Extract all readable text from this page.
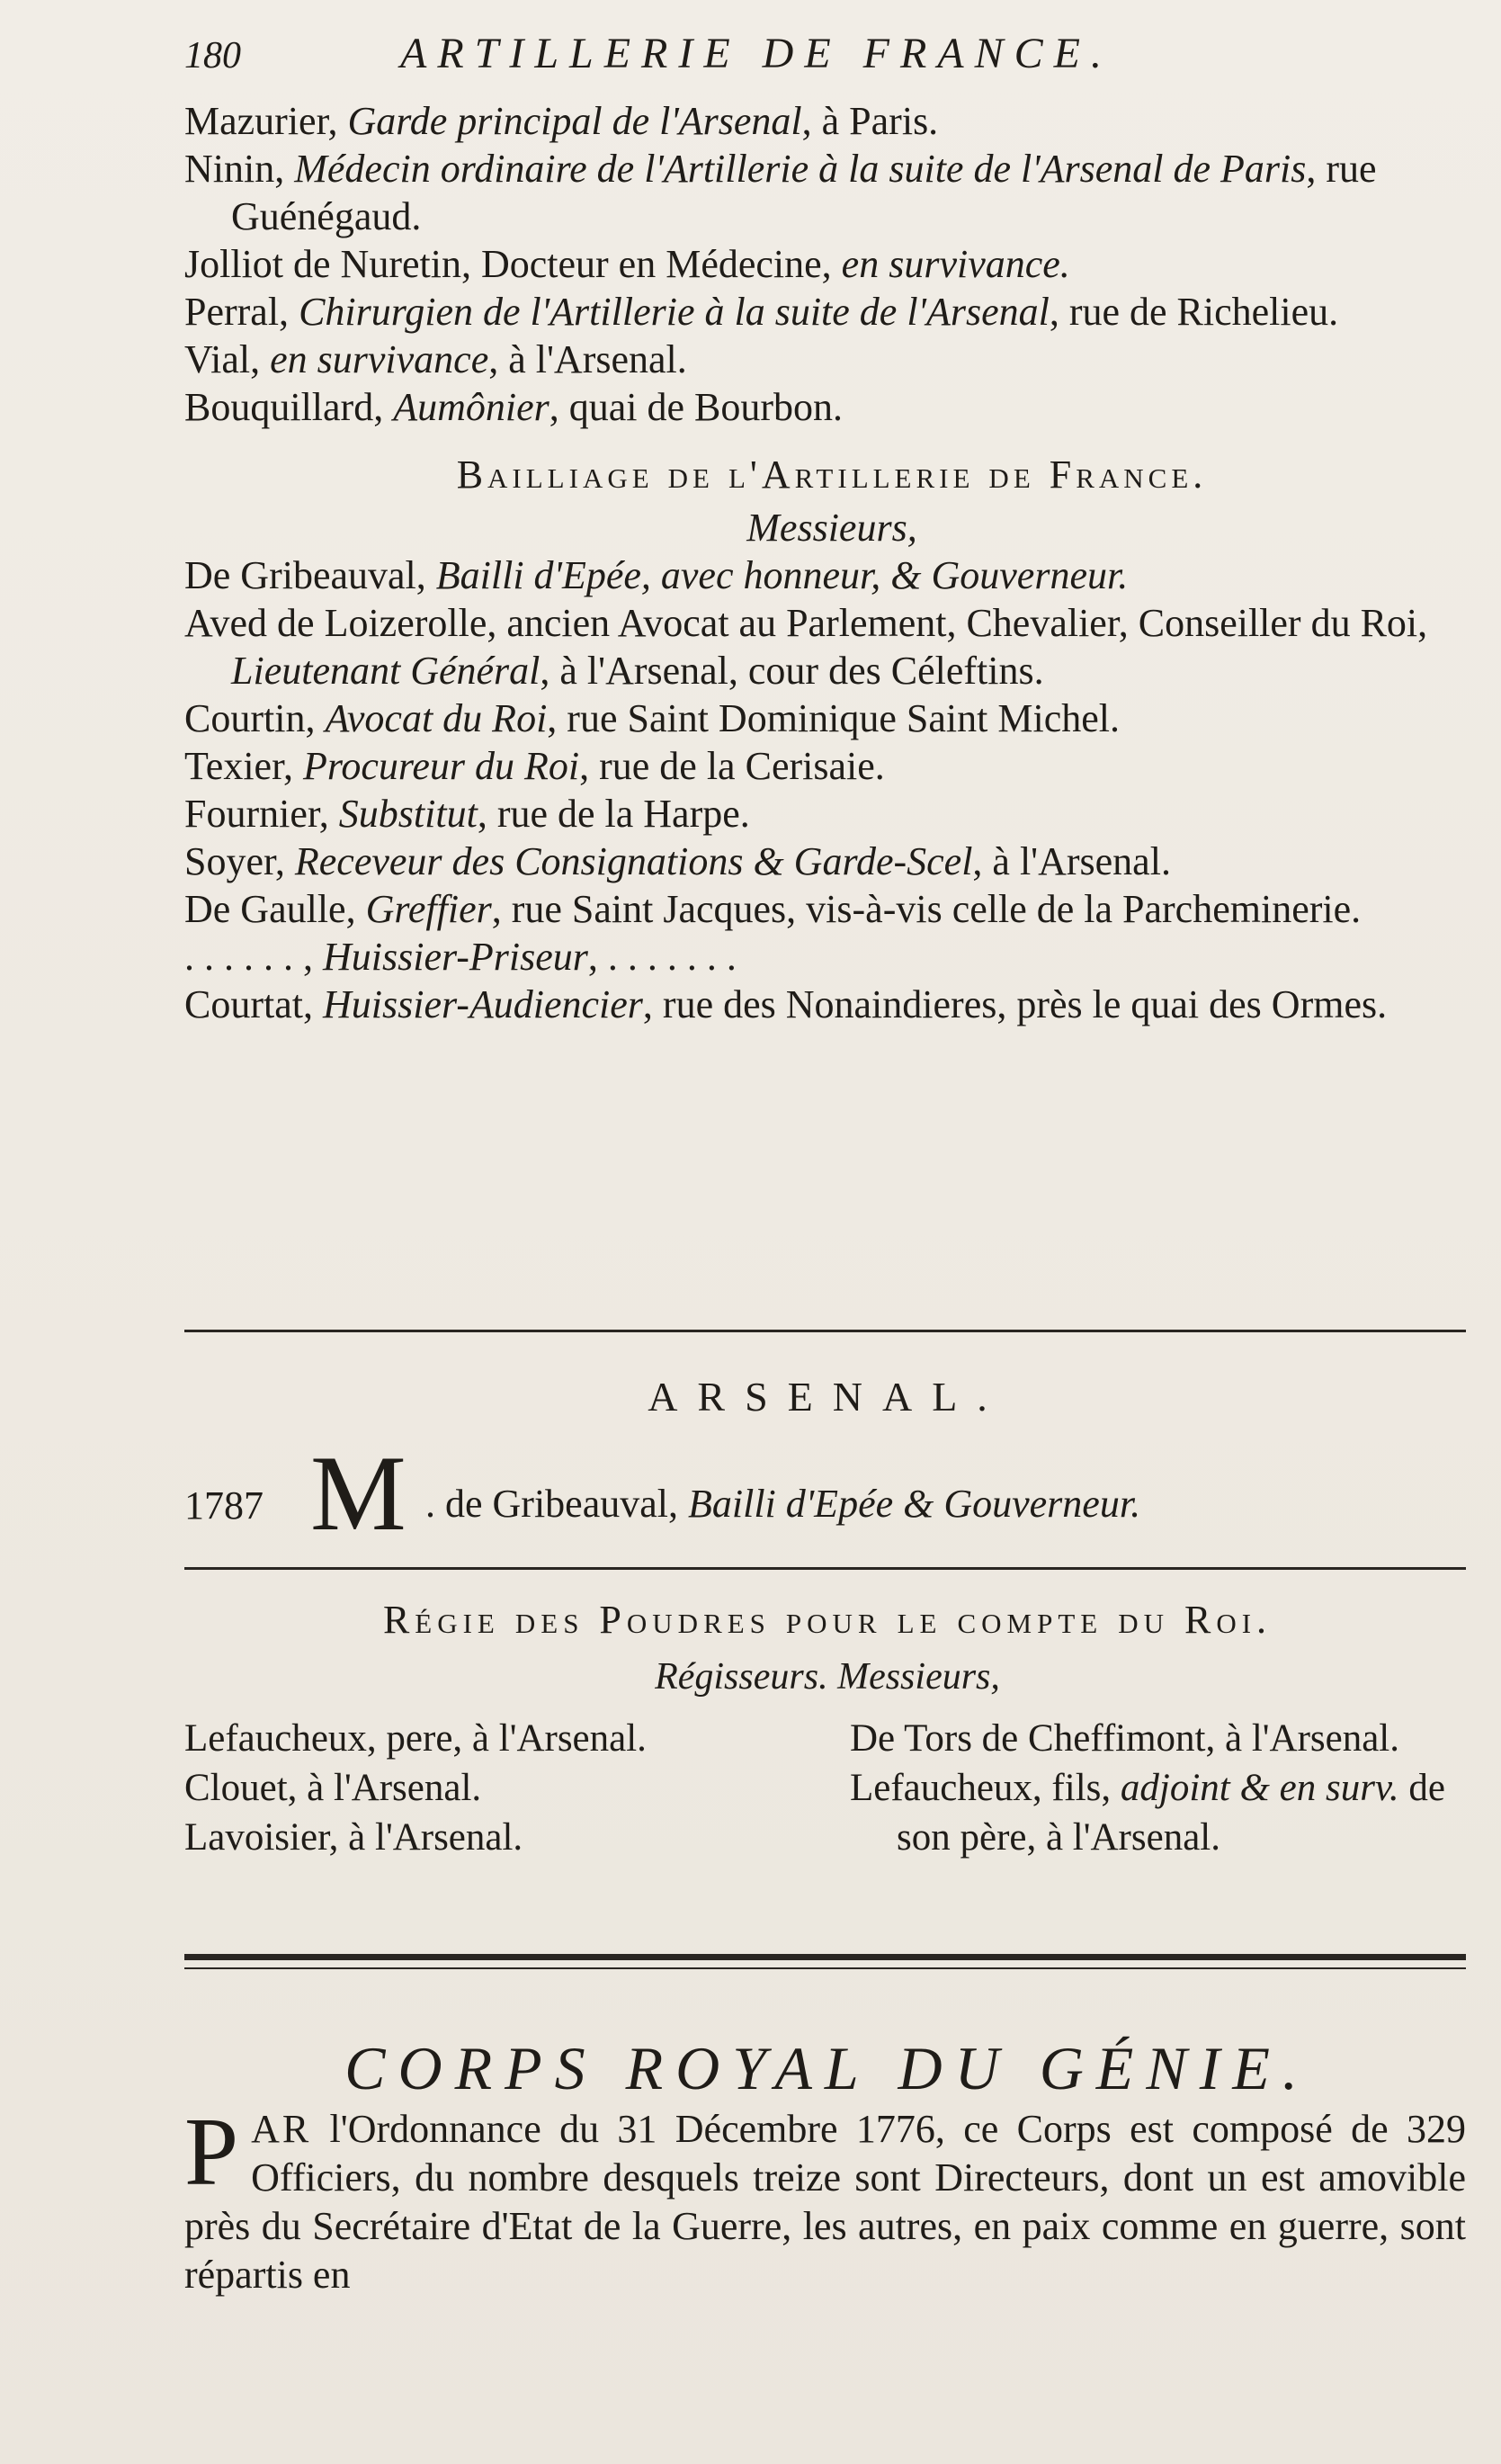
180	ARTILLERIE DE FRANCE.

Mazurier, Garde principal de l'Arsenal, à Paris.

Ninin, Médecin ordinaire de l'Artillerie à la suite de l'Arsenal de Paris, rue Guénégaud.

Jolliot de Nuretin, Docteur en Médecine, en survivance.

Perral, Chirurgien de l'Artillerie à la suite de l'Arsenal, rue de Richelieu.

Vial, en survivance, à l'Arsenal.

Bouquillard, Aumônier, quai de Bourbon.

Bailliage de l'Artillerie de France.

Messieurs,

De Gribeauval, Bailli d'Epée, avec honneur, & Gouverneur.

Aved de Loizerolle, ancien Avocat au Parlement, Chevalier, Conseiller du Roi, Lieutenant Général, à l'Arsenal, cour des Céleftins.

Courtin, Avocat du Roi, rue Saint Dominique Saint Michel.

Texier, Procureur du Roi, rue de la Cerisaie.

Fournier, Substitut, rue de la Harpe.

Soyer, Receveur des Consignations & Garde-Scel, à l'Arsenal.

De Gaulle, Greffier, rue Saint Jacques, vis-à-vis celle de la Parcheminerie.

. . . . . . , Huissier-Priseur, . . . . . . .

Courtat, Huissier-Audiencier, rue des Nonaindieres, près le quai des Ormes.

ARSENAL.
1787 M . de Gribeauval, Bailli d'Epée & Gouverneur.
Régie des Poudres pour le compte du Roi.
Régisseurs. Messieurs,

Lefaucheux, pere, à l'Arsenal.

Clouet, à l'Arsenal.

Lavoisier, à l'Arsenal.

De Tors de Cheffimont, à l'Arsenal.

Lefaucheux, fils, adjoint & en surv. de son père, à l'Arsenal.

CORPS ROYAL DU GÉNIE.
PAR l'Ordonnance du 31 Décembre 1776, ce Corps est composé de 329 Officiers, du nombre desquels treize sont Directeurs, dont un est amovible près du Secrétaire d'Etat de la Guerre, les autres, en paix comme en guerre, sont répartis en
